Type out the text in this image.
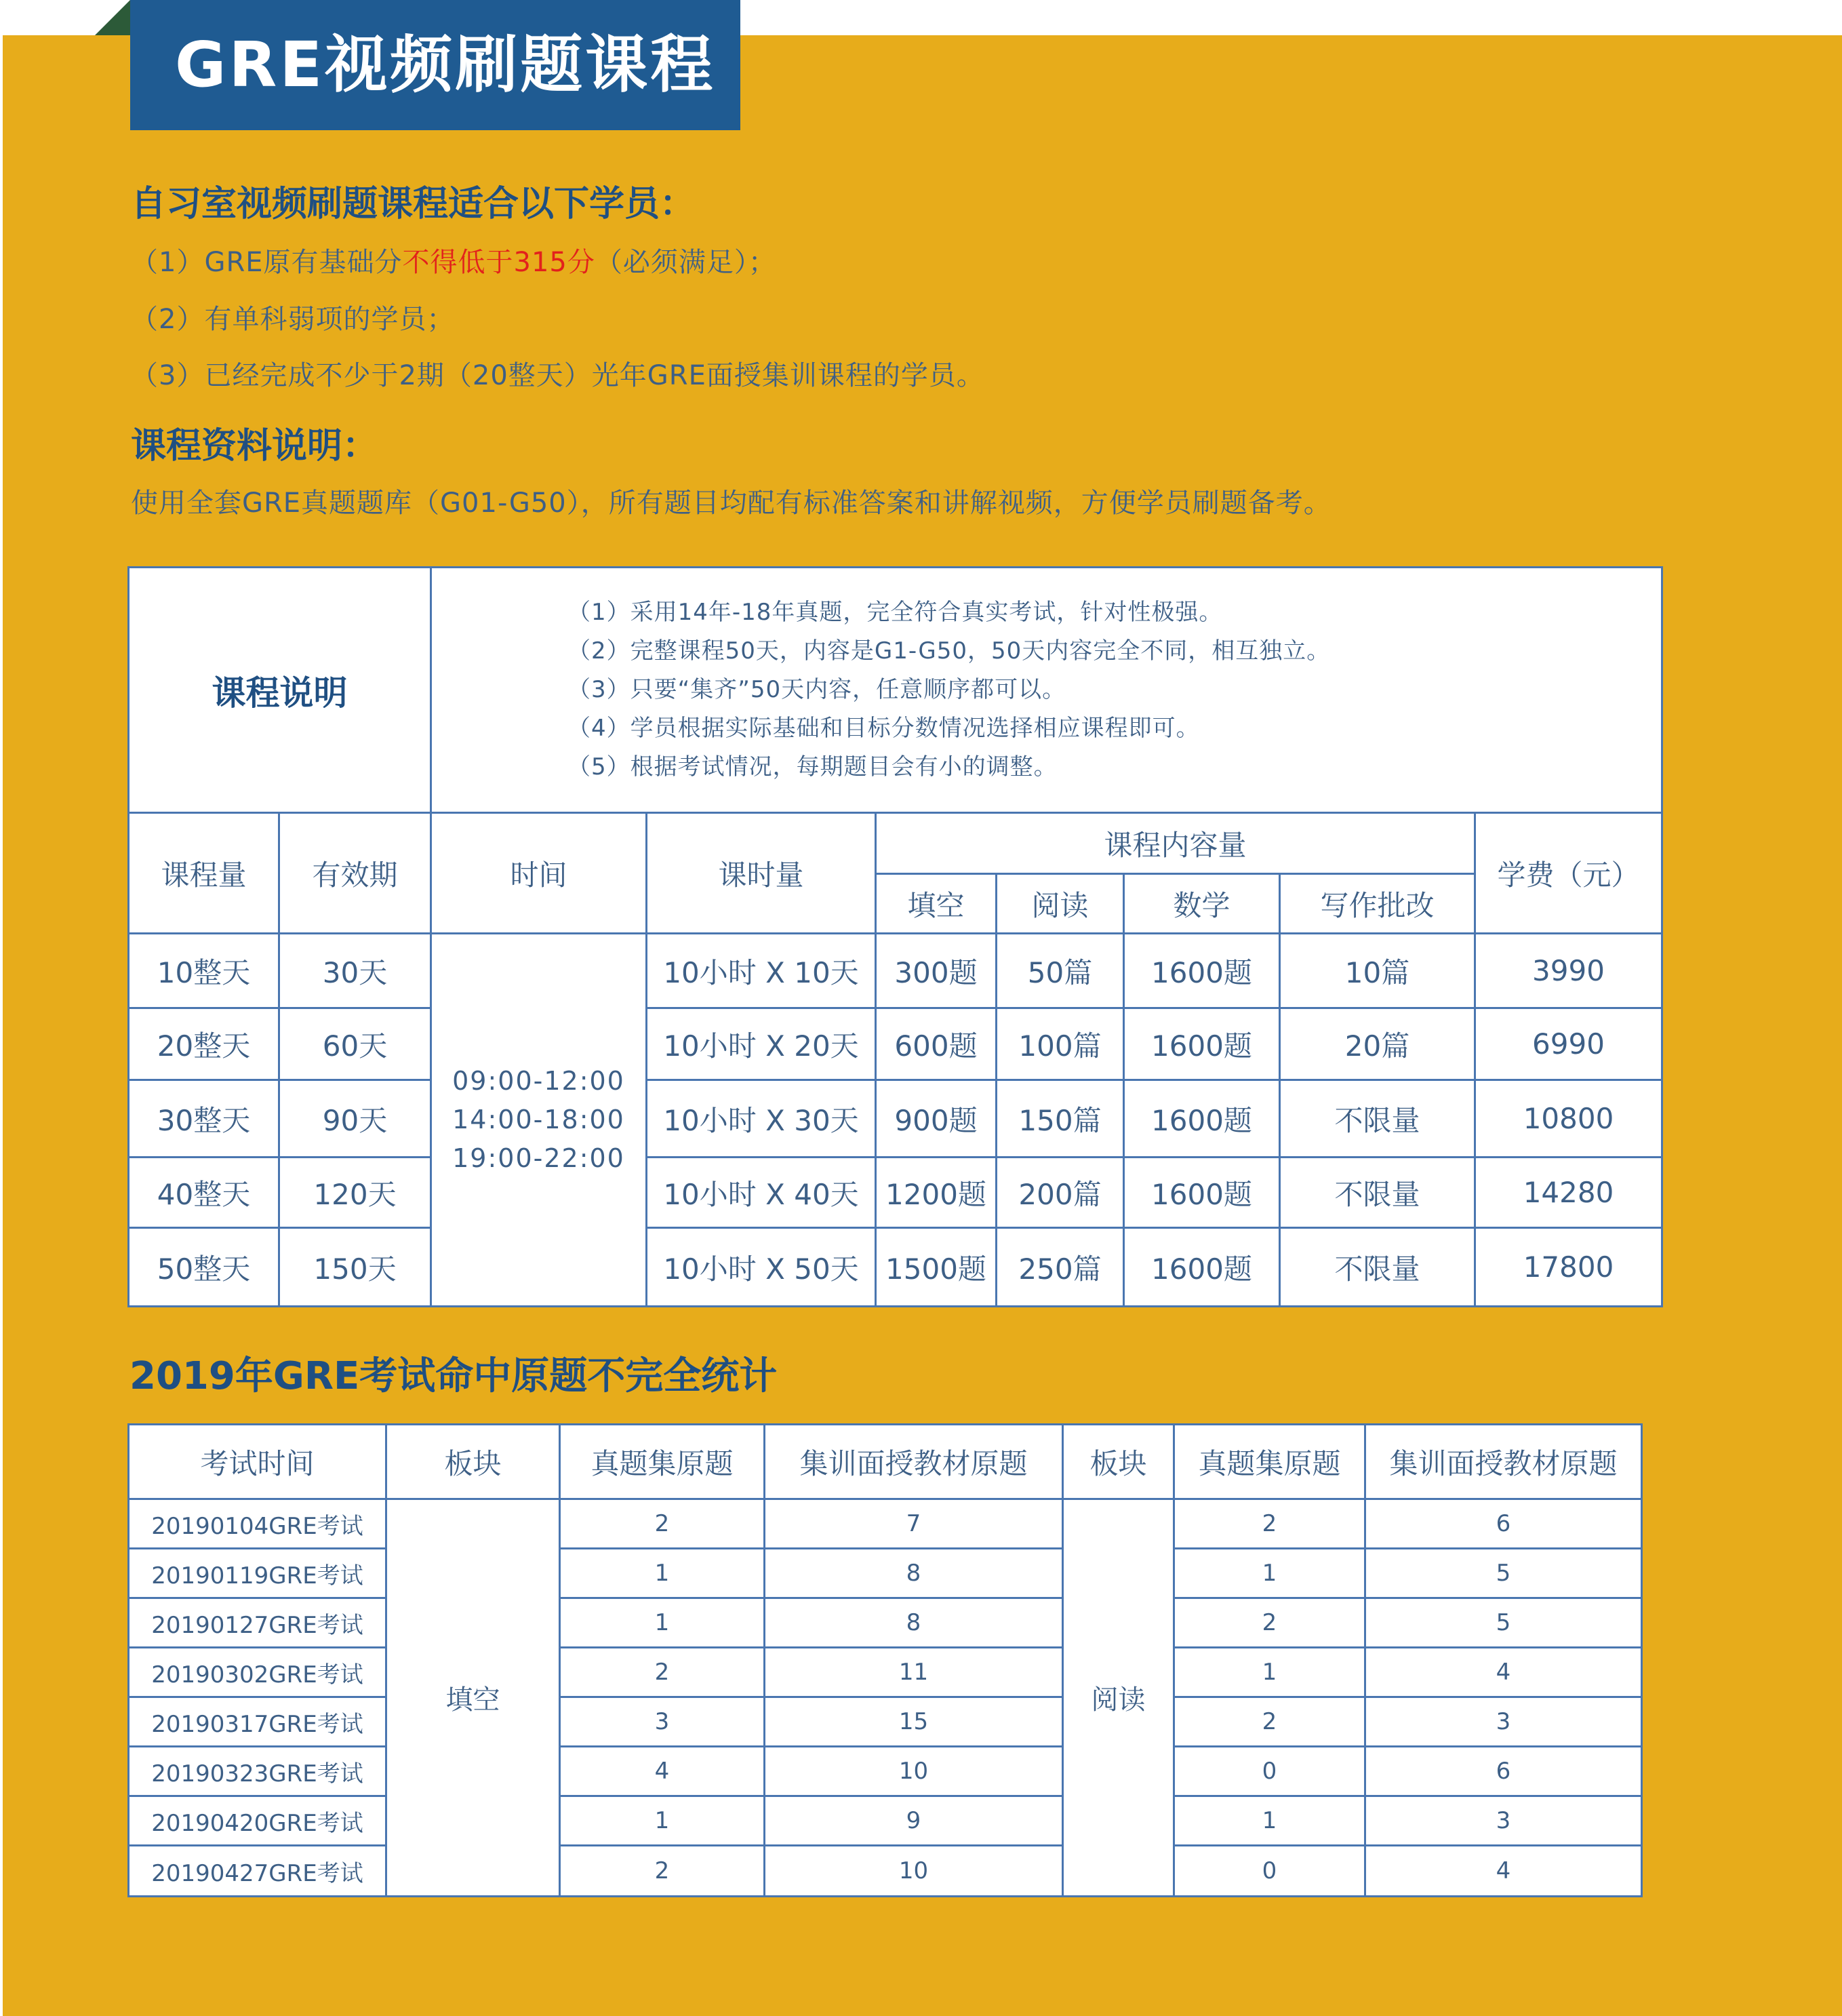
GRE视频刷题课程
自习室视频刷题课程适合以下学员：
（1）GRE原有基础分不得低于315分（必须满足）；
（2）有单科弱项的学员；
（3）已经完成不少于2期（20整天）光年GRE面授集训课程的学员。
课程资料说明：
使用全套GRE真题题库（G01-G50），所有题目均配有标准答案和讲解视频，方便学员刷题备考。
课程说明		（1）采用14年-18年真题，完全符合真实考试，针对性极强。
（2）完整课程50天，内容是G1-G50，50天内容完全不同，相互独立。
（3）只要“集齐”50天内容，任意顺序都可以。
（4）学员根据实际基础和目标分数情况选择相应课程即可。
（5）根据考试情况，每期题目会有小的调整。						

课程量	有效期	时间	课时量	课程内容量				学费（元）
				填空	阅读	数学	写作批改	
10整天	30天	09:00-12:00
14:00-18:00
19:00-22:00	10小时 X 10天	300题	50篇	1600题	10篇	3990
20整天	60天		10小时 X 20天	600题	100篇	1600题	20篇	6990
30整天	90天		10小时 X 30天	900题	150篇	1600题	不限量	10800
40整天	120天		10小时 X 40天	1200题	200篇	1600题	不限量	14280
50整天	150天		10小时 X 50天	1500题	250篇	1600题	不限量	17800
2019年GRE考试命中原题不完全统计
考试时间	板块	真题集原题	集训面授教材原题	板块	真题集原题	集训面授教材原题
20190104GRE考试	填空	2	7	阅读	2	6
20190119GRE考试		1	8		1	5
20190127GRE考试		1	8		2	5
20190302GRE考试		2	11		1	4
20190317GRE考试		3	15		2	3
20190323GRE考试		4	10		0	6
20190420GRE考试		1	9		1	3
20190427GRE考试		2	10		0	4
